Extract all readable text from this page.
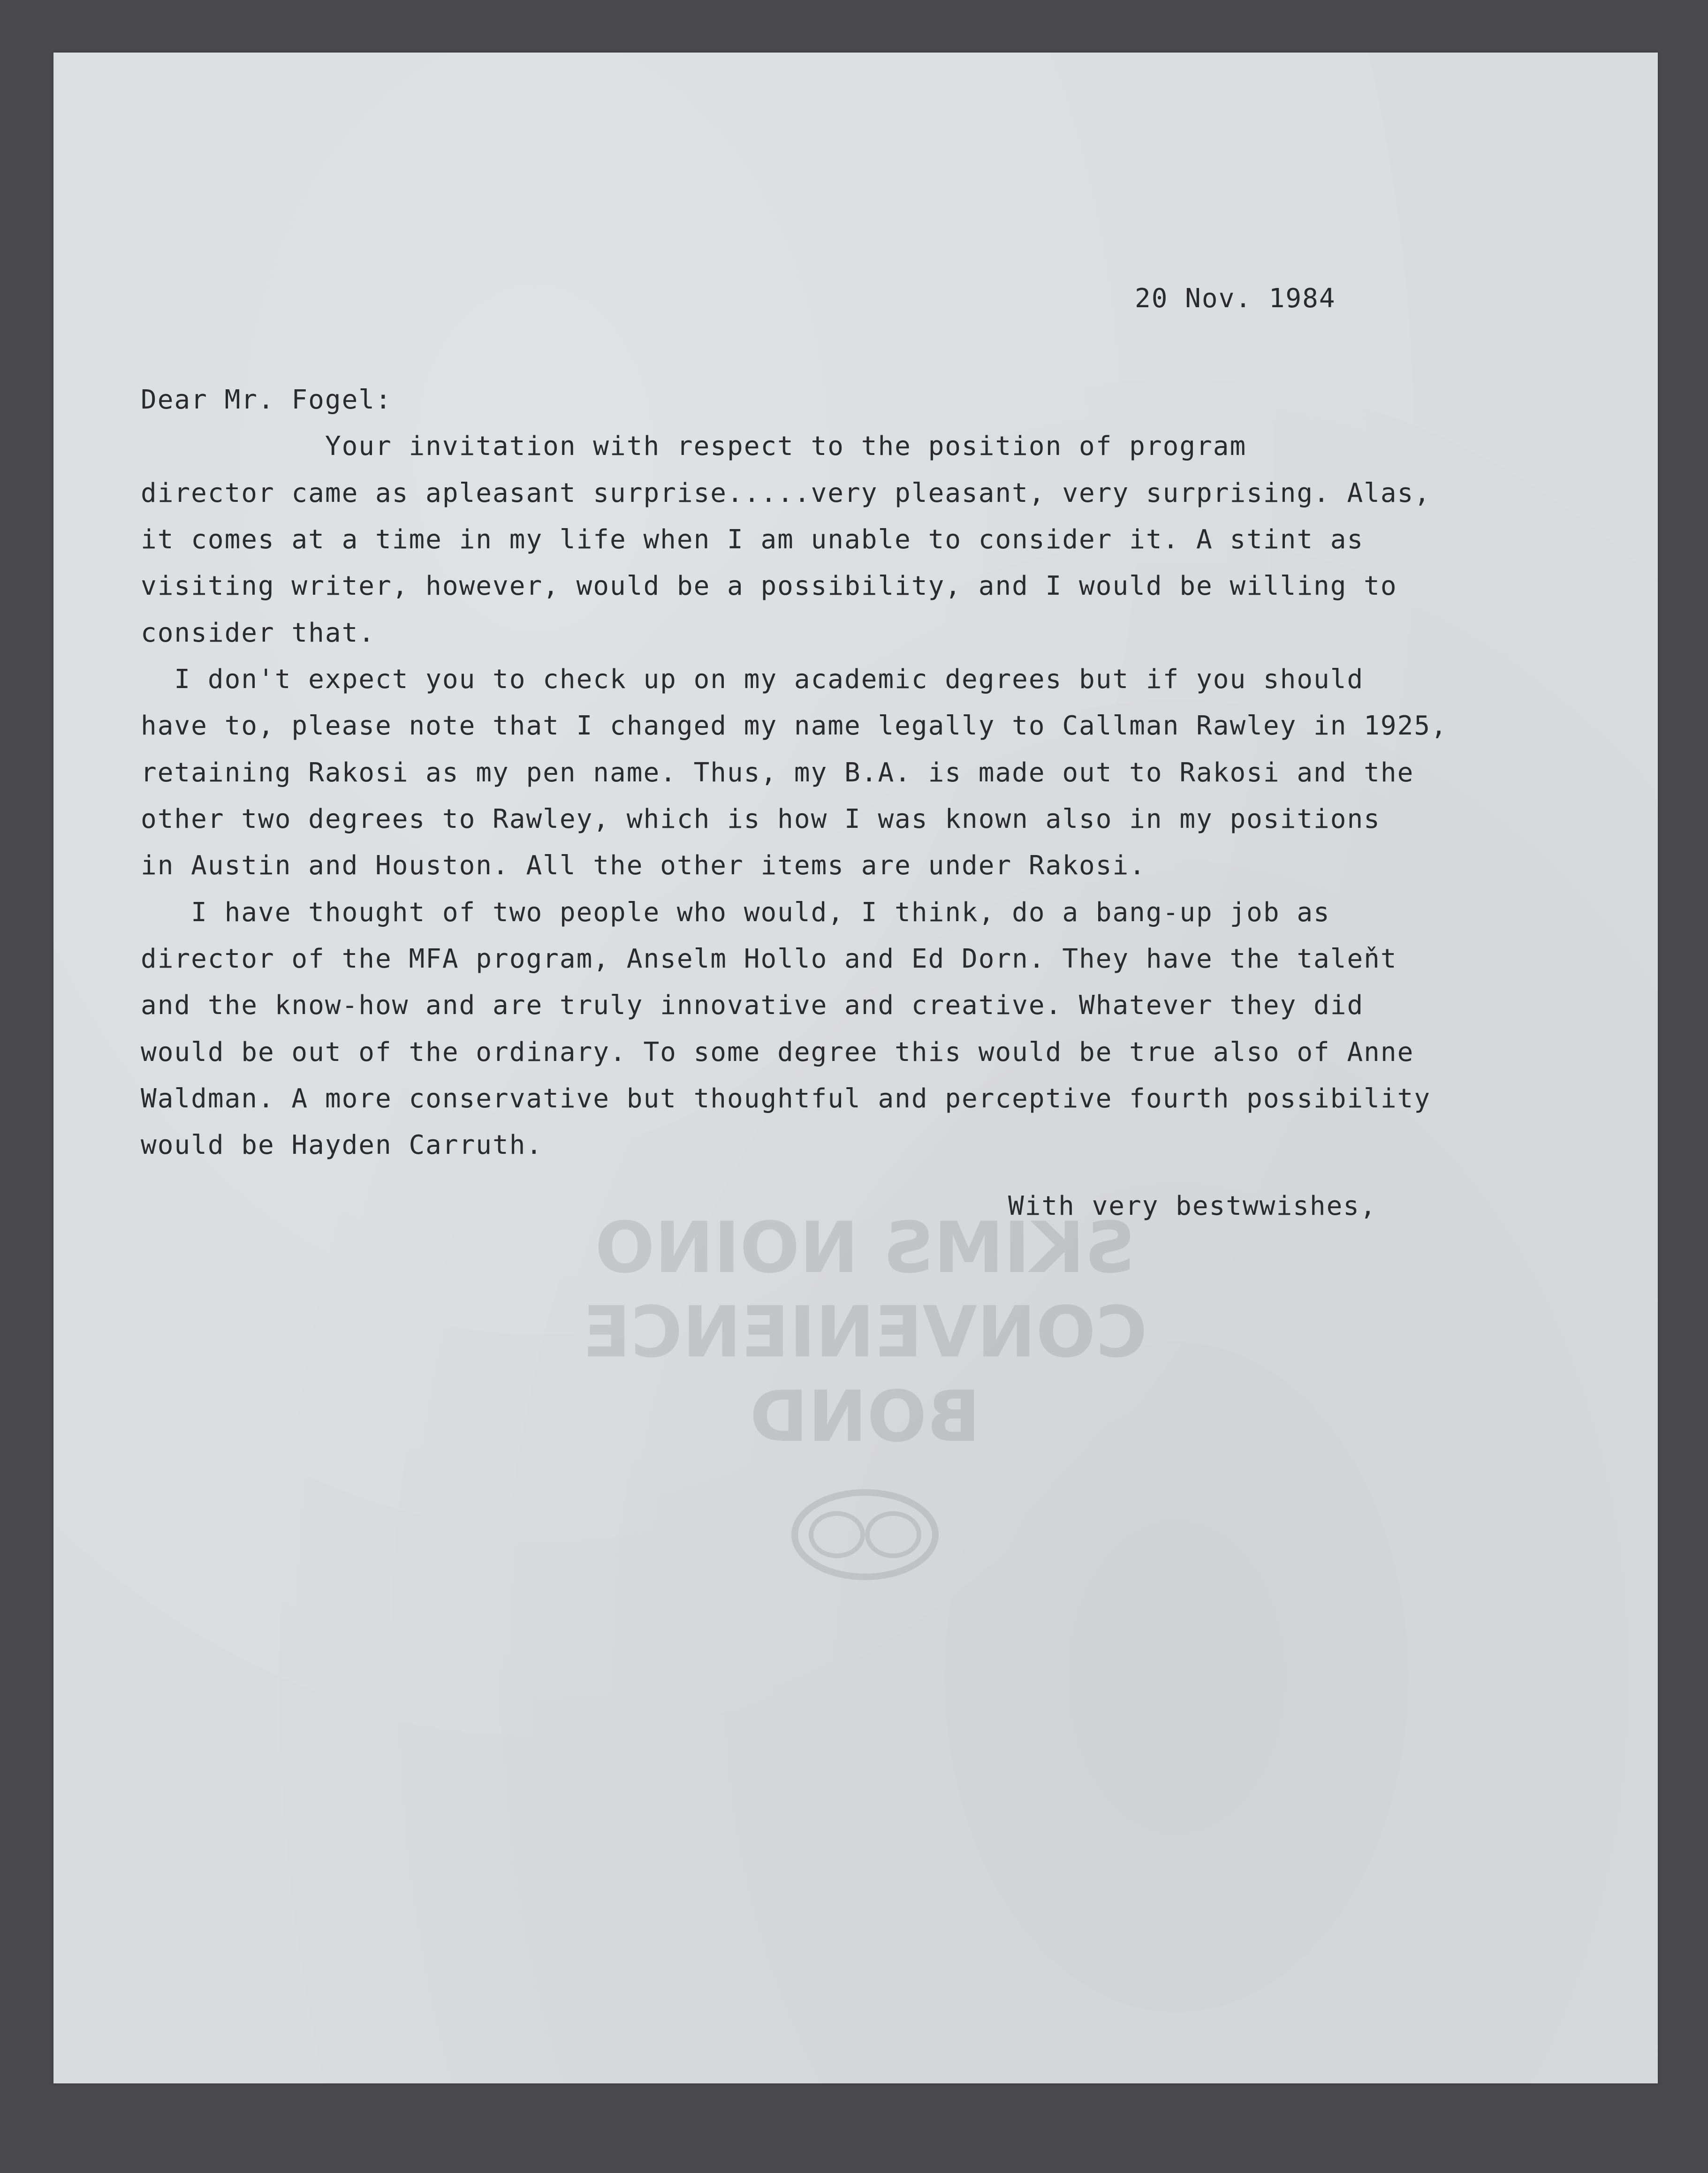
SKIMS NOINO
CONVENIENCE
BOND

20 Nov. 1984

Dear Mr. Fogel:

Your invitation with respect to the position of program

director came as apleasant surprise.....very pleasant, very surprising. Alas,

it comes at a time in my life when I am unable to consider it. A stint as

visiting writer, however, would be a possibility, and I would be willing to

consider that.

I don't expect you to check up on my academic degrees but if you should

have to, please note that I changed my name legally to Callman Rawley in 1925,

retaining Rakosi as my pen name. Thus, my B.A. is made out to Rakosi and the

other two degrees to Rawley, which is how I was known also in my positions

in Austin and Houston. All the other items are under Rakosi.

I have thought of two people who would, I think, do a bang-up job as

director of the MFA program, Anselm Hollo and Ed Dorn. They have the taleňt

and the know-how and are truly innovative and creative. Whatever they did

would be out of the ordinary. To some degree this would be true also of Anne

Waldman. A more conservative but thoughtful and perceptive fourth possibility

would be Hayden Carruth.

With very bestwwishes,
